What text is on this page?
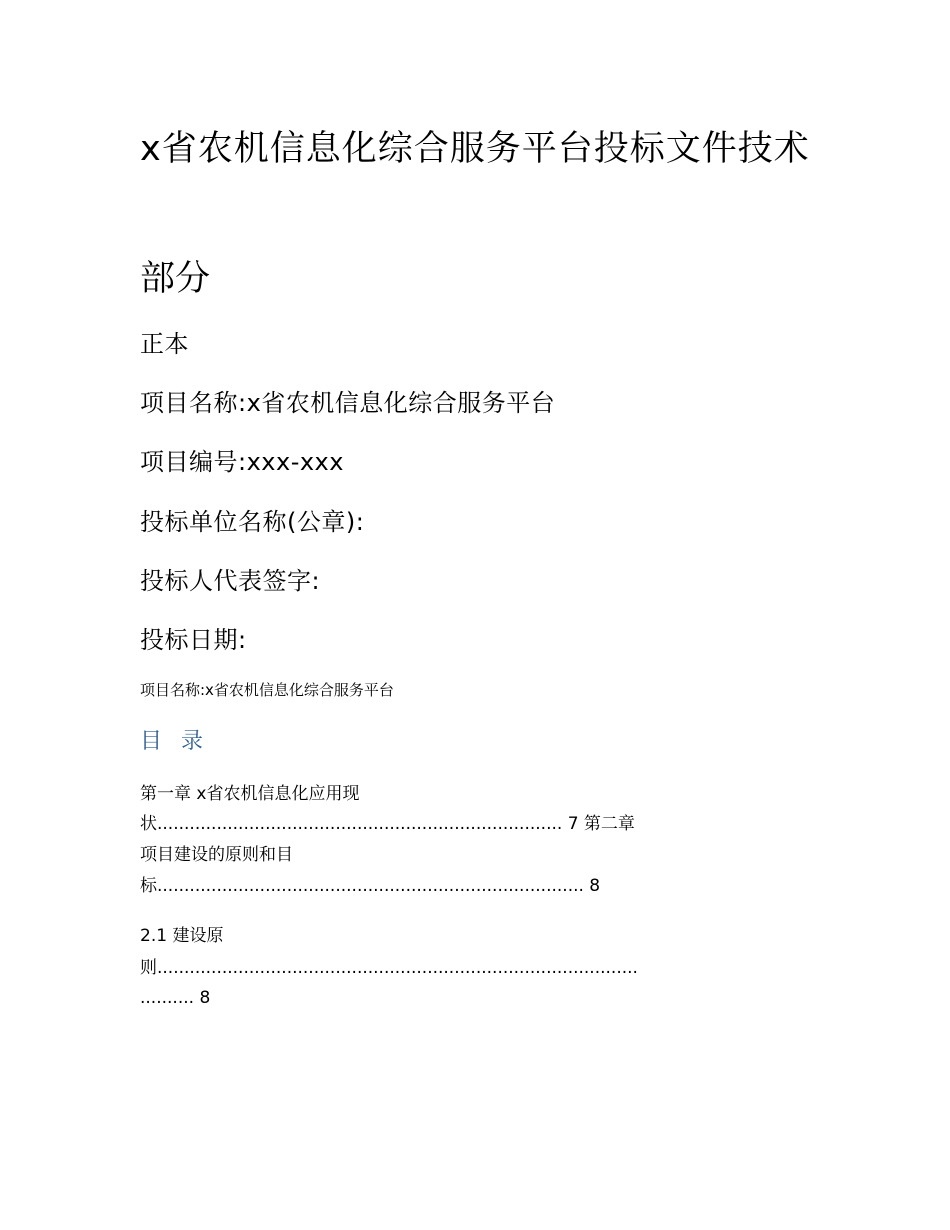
x省农机信息化综合服务平台投标文件技术
部分
正本
项目名称:x省农机信息化综合服务平台
项目编号:xxx-xxx
投标单位名称(公章):
投标人代表签字:
投标日期:
项目名称:x省农机信息化综合服务平台
目 录
第一章 x省农机信息化应用现
状........................................................................... 7 第二章
项目建设的原则和目
标............................................................................... 8
2.1 建设原
则.........................................................................................
.......... 8
